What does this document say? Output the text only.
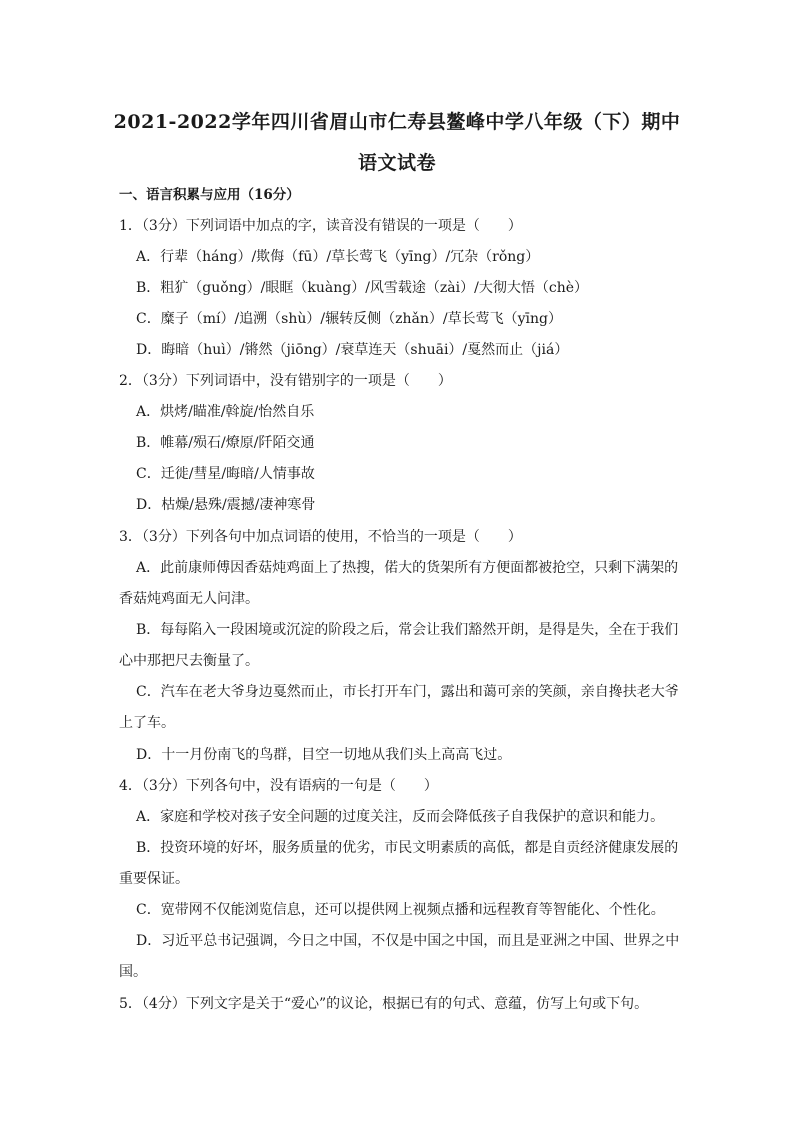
2021-2022学年四川省眉山市仁寿县鳌峰中学八年级（下）期中
语文试卷
一、语言积累与应用（16分）
1．（3分）下列词语中加点的字，读音没有错误的一项是（　　）
A．行辈（háng）/欺侮（fū）/草长莺飞（yīng）/冗杂（rǒng）
B．粗犷（guǒng）/眼眶（kuàng）/风雪载途（zài）/大彻大悟（chè）
C．糜子（mí）/追溯（shù）/辗转反侧（zhǎn）/草长莺飞（yīng）
D．晦暗（huì）/锵然（jiōng）/衰草连天（shuāi）/戛然而止（jiá）
2．（3分）下列词语中，没有错别字的一项是（　　）
A．烘烤/瞄准/斡旋/怡然自乐
B．帷幕/殒石/燎原/阡陌交通
C．迁徙/彗星/晦暗/人情事故
D．枯燥/悬殊/震撼/凄神寒骨
3．（3分）下列各句中加点词语的使用，不恰当的一项是（　　）
A．此前康师傅因香菇炖鸡面上了热搜，偌大的货架所有方便面都被抢空，只剩下满架的
香菇炖鸡面无人问津。
B．每每陷入一段困境或沉淀的阶段之后，常会让我们豁然开朗，是得是失，全在于我们
心中那把尺去衡量了。
C．汽车在老大爷身边戛然而止，市长打开车门，露出和蔼可亲的笑颜，亲自搀扶老大爷
上了车。
D．十一月份南飞的鸟群，目空一切地从我们头上高高飞过。
4．（3分）下列各句中，没有语病的一句是（　　）
A．家庭和学校对孩子安全问题的过度关注，反而会降低孩子自我保护的意识和能力。
B．投资环境的好坏，服务质量的优劣，市民文明素质的高低，都是自贡经济健康发展的
重要保证。
C．宽带网不仅能浏览信息，还可以提供网上视频点播和远程教育等智能化、个性化。
D．习近平总书记强调，今日之中国，不仅是中国之中国，而且是亚洲之中国、世界之中
国。
5．（4分）下列文字是关于“爱心”的议论，根据已有的句式、意蕴，仿写上句或下句。
